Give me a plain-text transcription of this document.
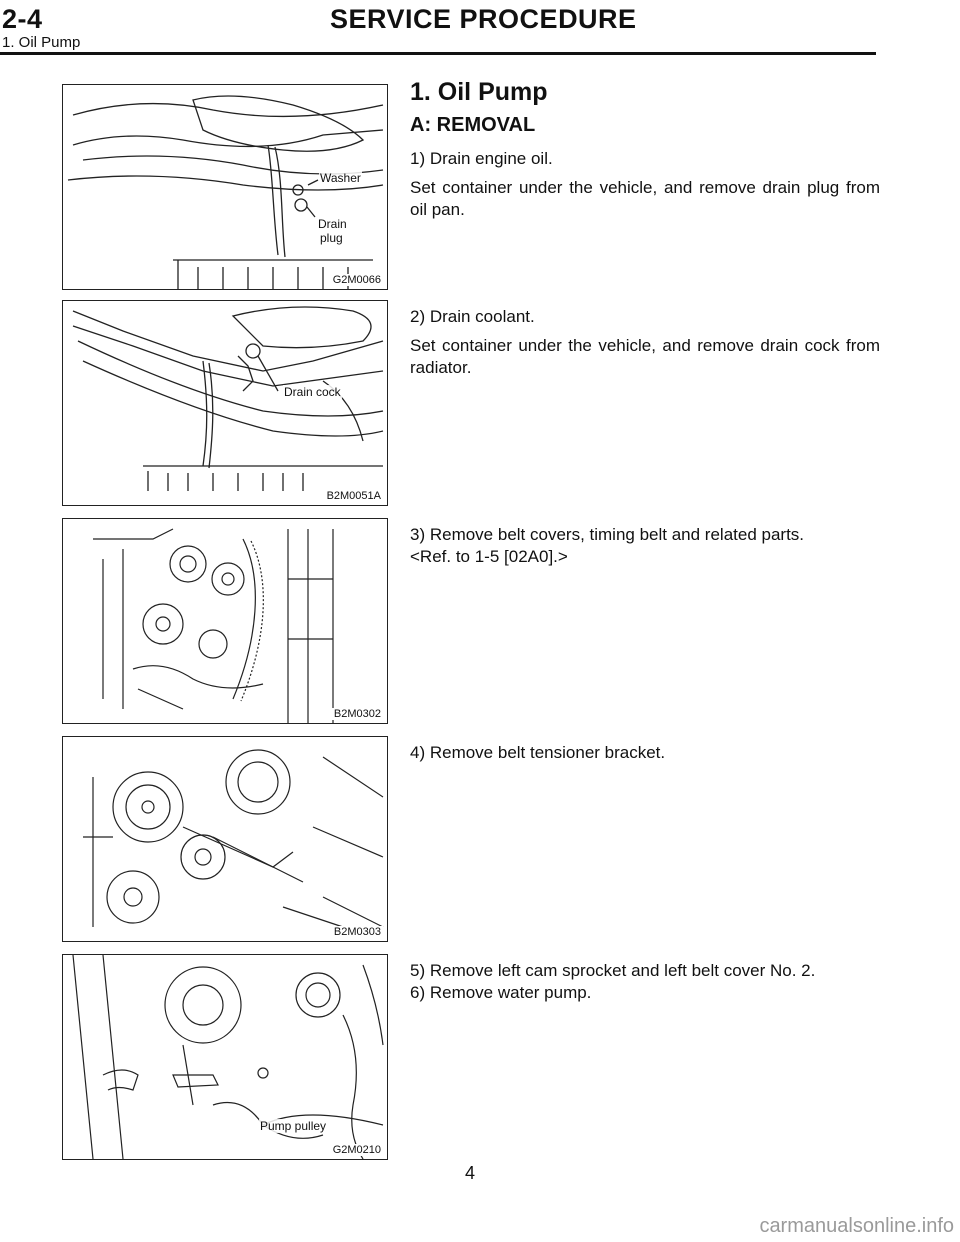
2-4	SERVICE PROCEDURE
1. Oil Pump
Washer
Drain
plug
G2M0066
Drain cock
B2M0051A
B2M0302
B2M0303
Pump pulley
G2M0210
1. Oil Pump
A: REMOVAL
1) Drain engine oil.
Set container under the vehicle, and remove drain plug from oil pan.
2) Drain coolant.
Set container under the vehicle, and remove drain cock from radiator.
3) Remove belt covers, timing belt and related parts.
<Ref. to 1-5 [02A0].>
4) Remove belt tensioner bracket.
5) Remove left cam sprocket and left belt cover No. 2.
6) Remove water pump.
4
carmanualsonline.info
